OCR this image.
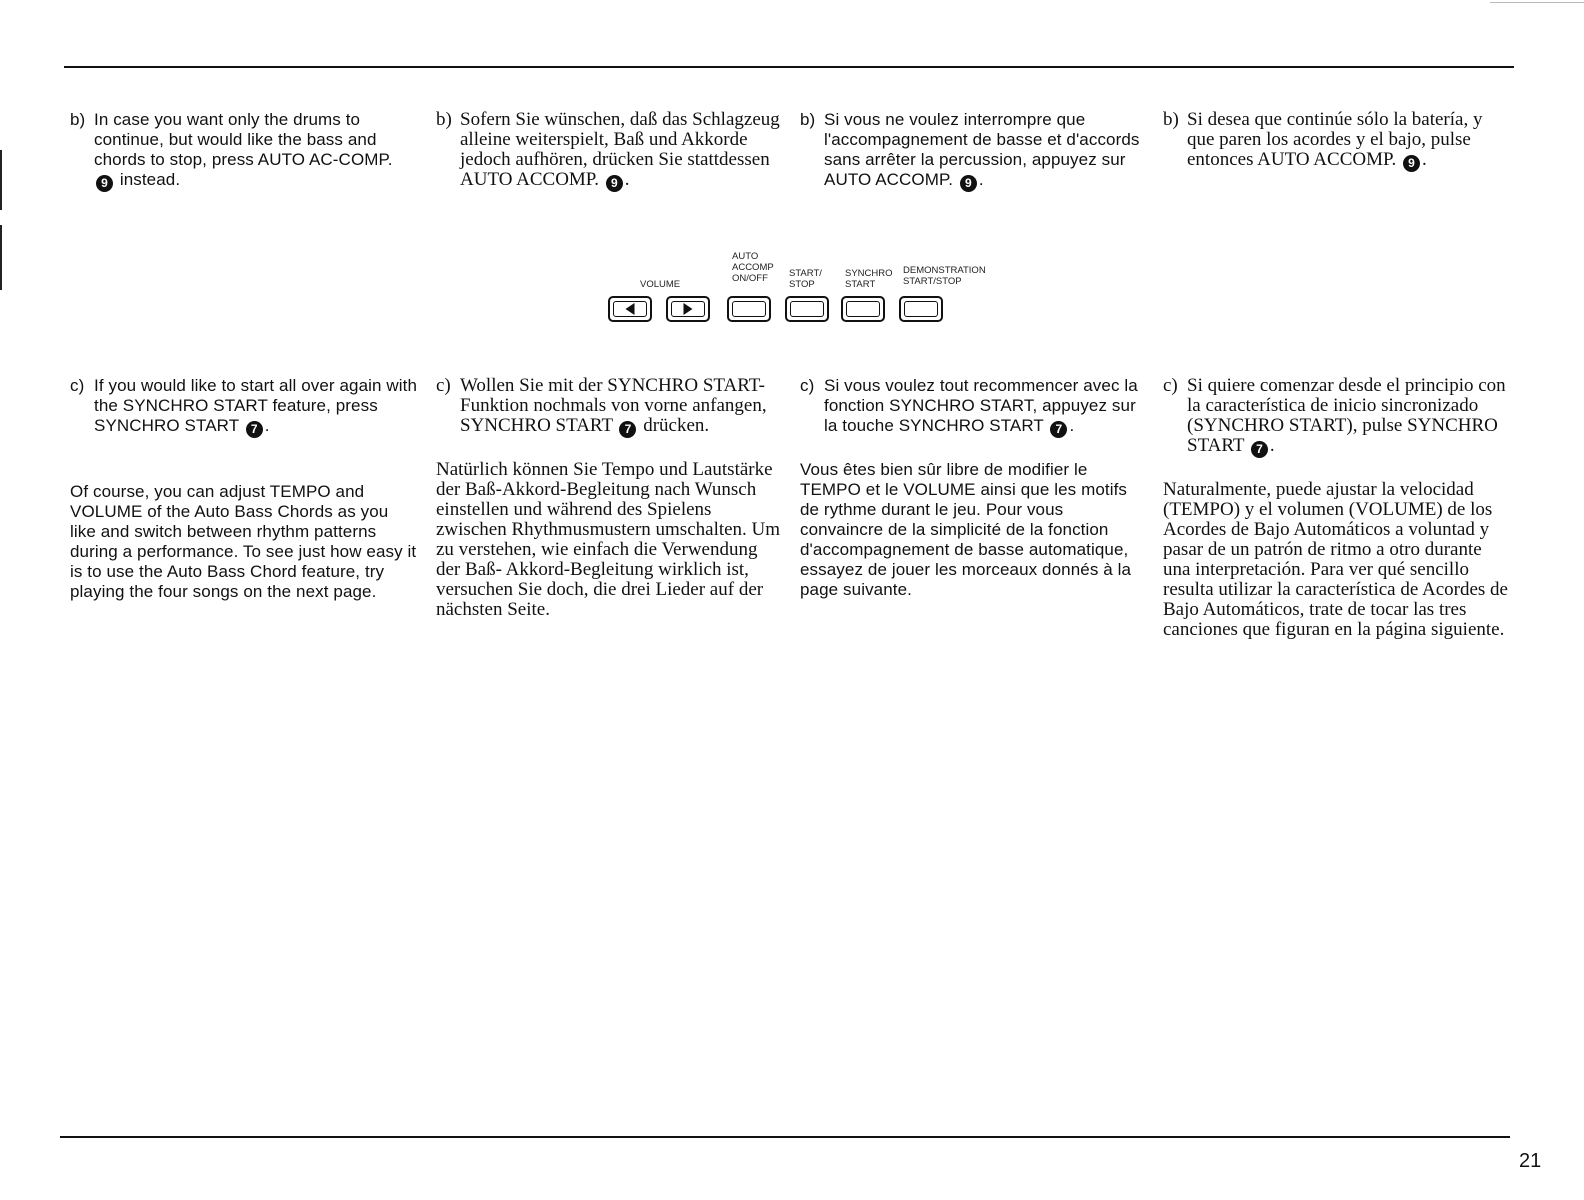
b) In case you want only the drums to continue, but would like the bass and chords to stop, press AUTO AC-COMP. 9 instead.
c) If you would like to start all over again with the SYNCHRO START feature, press SYNCHRO START 7 .

Of course, you can adjust TEMPO and VOLUME of the Auto Bass Chords as you like and switch between rhythm patterns during a performance. To see just how easy it is to use the Auto Bass Chord feature, try playing the four songs on the next page.

b) Sofern Sie wünschen, daß das Schlagzeug alleine weiterspielt, Baß und Akkorde jedoch aufhören, drücken Sie stattdessen AUTO ACCOMP. 9 .
c) Wollen Sie mit der SYNCHRO START-Funktion nochmals von vorne anfangen, SYNCHRO START 7 drücken.

Natürlich können Sie Tempo und Lautstärke der Baß-Akkord-Begleitung nach Wunsch einstellen und während des Spielens zwischen Rhythmusmustern umschalten. Um zu verstehen, wie einfach die Verwendung der Baß- Akkord-Begleitung wirklich ist, versuchen Sie doch, die drei Lieder auf der nächsten Seite.

b) Si vous ne voulez interrompre que l'accompagnement de basse et d'accords sans arrêter la percussion, appuyez sur AUTO ACCOMP. 9 .
c) Si vous voulez tout recommencer avec la fonction SYNCHRO START, appuyez sur la touche SYNCHRO START 7 .

Vous êtes bien sûr libre de modifier le TEMPO et le VOLUME ainsi que les motifs de rythme durant le jeu. Pour vous convaincre de la simplicité de la fonction d'accompagnement de basse automatique, essayez de jouer les morceaux donnés à la page suivante.

b) Si desea que continúe sólo la batería, y que paren los acordes y el bajo, pulse entonces AUTO ACCOMP. 9 .
c) Si quiere comenzar desde el principio con la característica de inicio sincronizado (SYNCHRO START), pulse SYNCHRO START 7 .

Naturalmente, puede ajustar la velocidad (TEMPO) y el volumen (VOLUME) de los Acordes de Bajo Automáticos a voluntad y pasar de un patrón de ritmo a otro durante una interpretación. Para ver qué sencillo resulta utilizar la característica de Acordes de Bajo Automáticos, trate de tocar las tres canciones que figuran en la página siguiente.

VOLUME
AUTO
ACCOMP
ON/OFF	START/
STOP
SYNCHRO
START
DEMONSTRATION
START/STOP
21
